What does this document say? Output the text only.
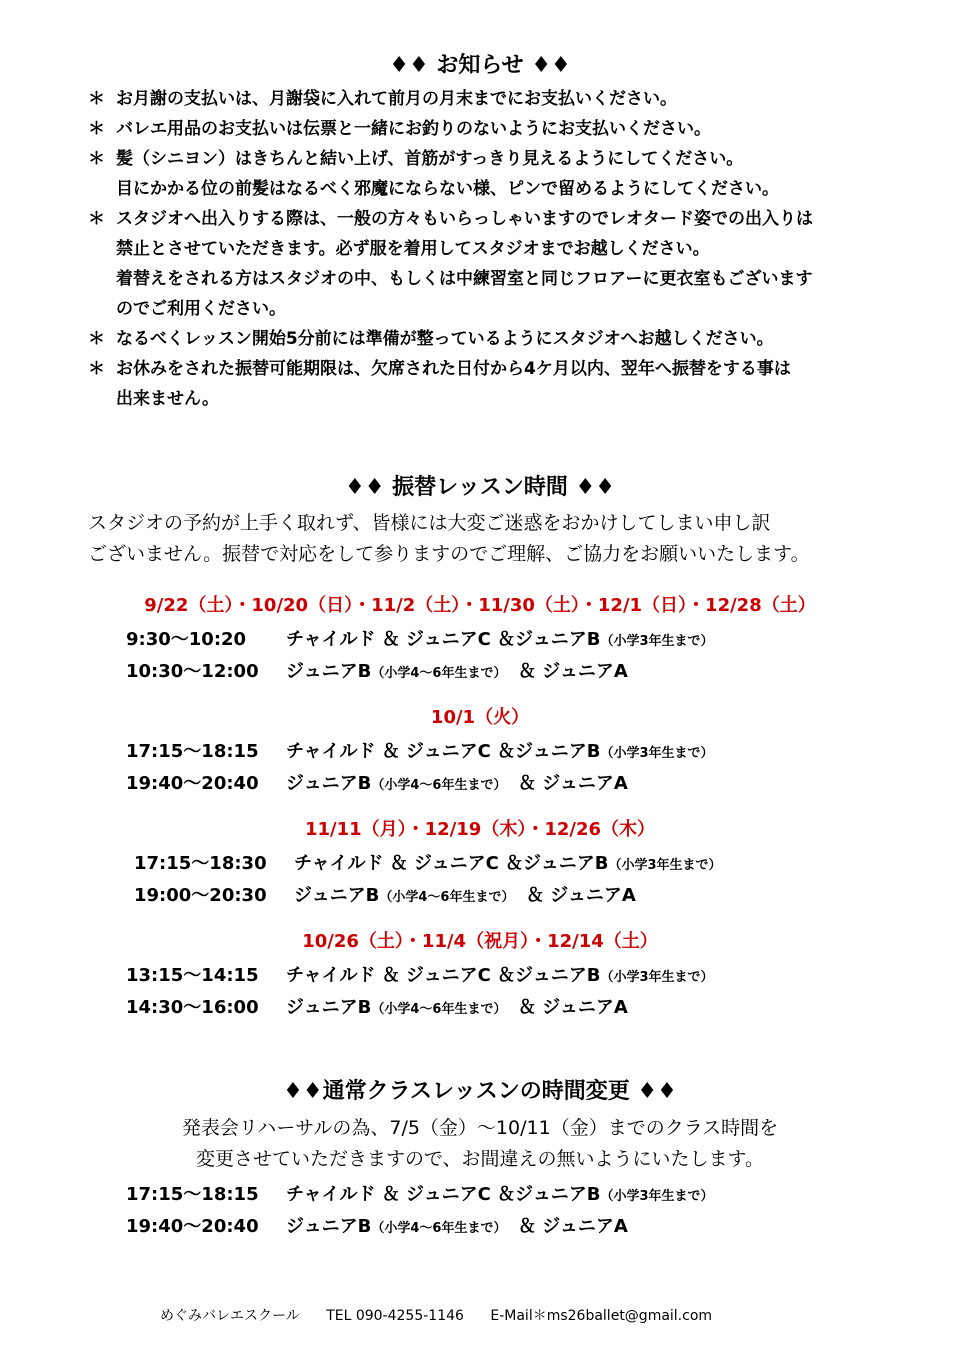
♦♦ お知らせ ♦♦
＊ お月謝の支払いは、月謝袋に入れて前月の月末までにお支払いください。
＊ バレエ用品のお支払いは伝票と一緒にお釣りのないようにお支払いください。
＊ 髪（シニヨン）はきちんと結い上げ、首筋がすっきり見えるようにしてください。
目にかかる位の前髪はなるべく邪魔にならない様、ピンで留めるようにしてください。
＊ スタジオへ出入りする際は、一般の方々もいらっしゃいますのでレオタード姿での出入りは
禁止とさせていただきます。必ず服を着用してスタジオまでお越しください。
着替えをされる方はスタジオの中、もしくは中練習室と同じフロアーに更衣室もございます
のでご利用ください。
＊ なるべくレッスン開始5分前には準備が整っているようにスタジオへお越しください。
＊ お休みをされた振替可能期限は、欠席された日付から4ケ月以内、翌年へ振替をする事は
出来ません。
♦♦ 振替レッスン時間 ♦♦
スタジオの予約が上手く取れず、皆様には大変ご迷惑をおかけしてしまい申し訳
ございません。振替で対応をして参りますのでご理解、ご協力をお願いいたします。
9/22（土）・10/20（日）・11/2（土）・11/30（土）・12/1（日）・12/28（土）
9:30～10:20 チャイルド ＆ ジュニアC ＆ジュニアB（小学3年生まで）
10:30～12:00 ジュニアB（小学4～6年生まで）　＆ ジュニアA
10/1（火）
17:15～18:15 チャイルド ＆ ジュニアC ＆ジュニアB（小学3年生まで）
19:40～20:40 ジュニアB（小学4～6年生まで）　＆ ジュニアA
11/11（月）・12/19（木）・12/26（木）
17:15～18:30 チャイルド ＆ ジュニアC ＆ジュニアB（小学3年生まで）
19:00～20:30 ジュニアB（小学4～6年生まで）　＆ ジュニアA
10/26（土）・11/4（祝月）・12/14（土）
13:15～14:15 チャイルド ＆ ジュニアC ＆ジュニアB（小学3年生まで）
14:30～16:00 ジュニアB（小学4～6年生まで）　＆ ジュニアA
♦♦通常クラスレッスンの時間変更 ♦♦
発表会リハーサルの為、7/5（金）～10/11（金）までのクラス時間を
変更させていただきますので、お間違えの無いようにいたします。
17:15～18:15 チャイルド ＆ ジュニアC ＆ジュニアB（小学3年生まで）
19:40～20:40 ジュニアB（小学4～6年生まで）　＆ ジュニアA
めぐみバレエスクール TEL 090-4255-1146 E-Mail＊ms26ballet@gmail.com
